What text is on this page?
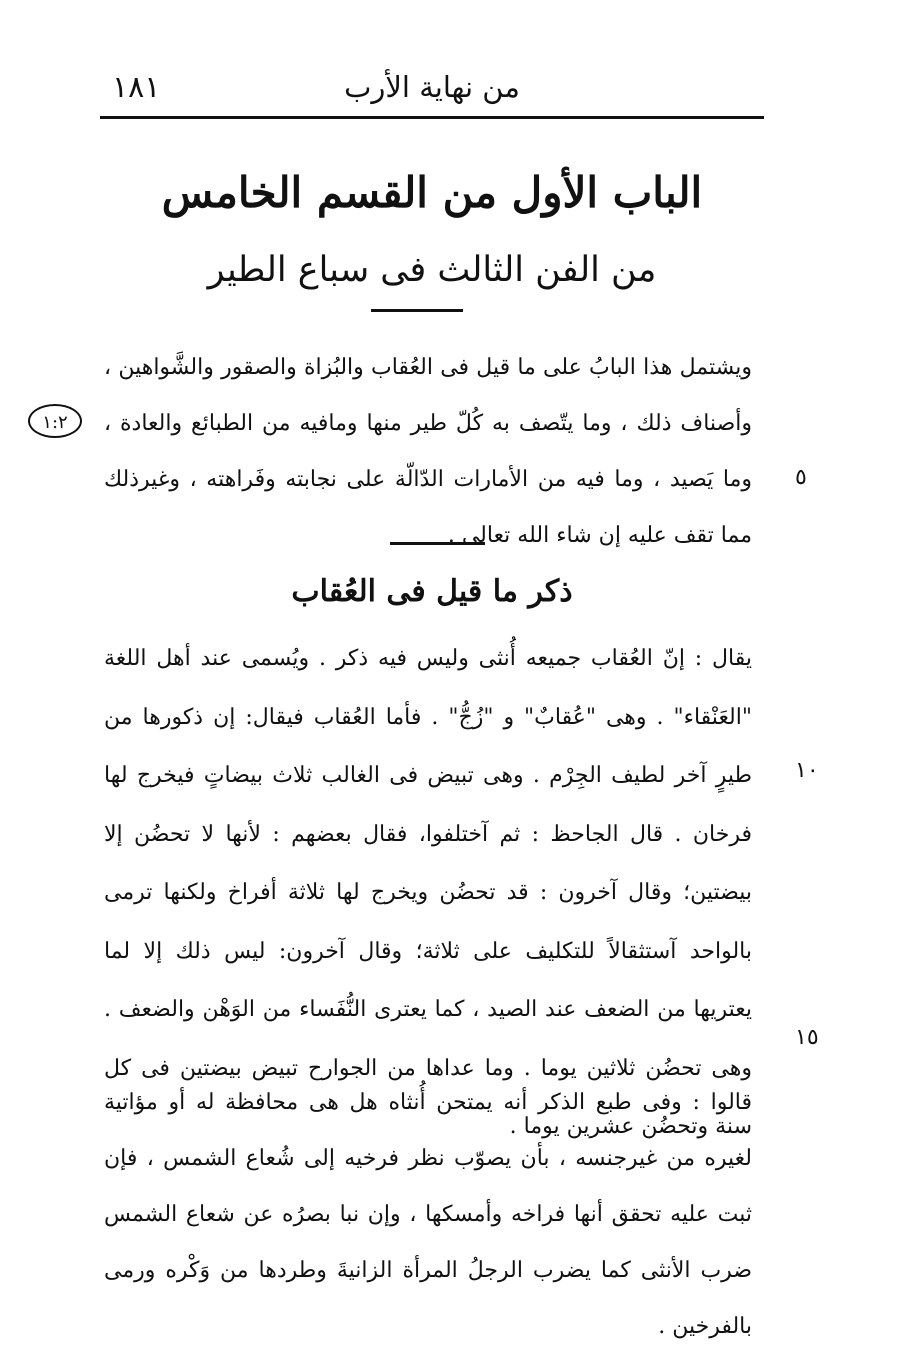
١٨١	من نهاية الأرب
الباب الأول من القسم الخامس
من الفن الثالث فى سباع الطير
١:٢
ويشتمل هذا البابُ على ما قيل فى العُقاب والبُزاة والصقور والشَّواهين ، وأصناف ذلك ، وما يتّصف به كُلّ طير منها ومافيه من الطبائع والعادة ، وما يَصيد ، وما فيه من الأمارات الدّالّة على نجابته وفَراهته ، وغيرذلك مما تقف عليه إن شاء الله تعالى .
٥
ذكر ما قيل فى العُقاب
يقال : إنّ العُقاب جميعه أُنثى وليس فيه ذكر . ويُسمى عند أهل اللغة "العَنْقاء" . وهى "عُقابٌ" و "زُجُّ" . فأما العُقاب فيقال: إن ذكورها من طيرٍ آخر لطيف الجِرْم . وهى تبيض فى الغالب ثلاث بيضاتٍ فيخرج لها فرخان . قال الجاحظ : ثم آختلفوا، فقال بعضهم : لأنها لا تحضُن إلا بيضتين؛ وقال آخرون : قد تحضُن ويخرج لها ثلاثة أفراخ ولكنها ترمى بالواحد آستثقالاً للتكليف على ثلاثة؛ وقال آخرون: ليس ذلك إلا لما يعتريها من الضعف عند الصيد ، كما يعترى النُّفَساء من الوَهْن والضعف . وهى تحضُن ثلاثين يوما . وما عداها من الجوارح تبيض بيضتين فى كل سنة وتحضُن عشرين يوما .
١٠
١٥
قالوا : وفى طبع الذكر أنه يمتحن أُنثاه هل هى محافظة له أو مؤاتية لغيره من غيرجنسه ، بأن يصوّب نظر فرخيه إلى شُعاع الشمس ، فإن ثبت عليه تحقق أنها فراخه وأمسكها ، وإن نبا بصرُه عن شعاع الشمس ضرب الأنثى كما يضرب الرجلُ المرأة الزانيةَ وطردها من وَكْره ورمى بالفرخين .
